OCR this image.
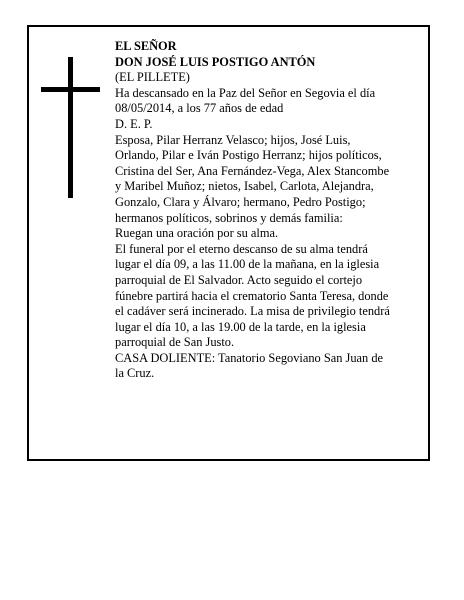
EL SEÑOR
DON JOSÉ LUIS POSTIGO ANTÓN
(EL PILLETE)
Ha descansado en la Paz del Señor en Segovia el día
08/05/2014, a los 77 años de edad
D. E. P.
Esposa, Pilar Herranz Velasco; hijos, José Luis,
Orlando, Pilar e Iván Postigo Herranz; hijos políticos,
Cristina del Ser, Ana Fernández-Vega, Alex Stancombe
y Maribel Muñoz; nietos, Isabel, Carlota, Alejandra,
Gonzalo, Clara y Álvaro; hermano, Pedro Postigo;
hermanos políticos, sobrinos y demás familia:
Ruegan una oración por su alma.
El funeral por el eterno descanso de su alma tendrá
lugar el día 09, a las 11.00 de la mañana, en la iglesia
parroquial de El Salvador. Acto seguido el cortejo
fúnebre partirá hacia el crematorio Santa Teresa, donde
el cadáver será incinerado. La misa de privilegio tendrá
lugar el día 10, a las 19.00 de la tarde, en la iglesia
parroquial de San Justo.
CASA DOLIENTE: Tanatorio Segoviano San Juan de
la Cruz.
